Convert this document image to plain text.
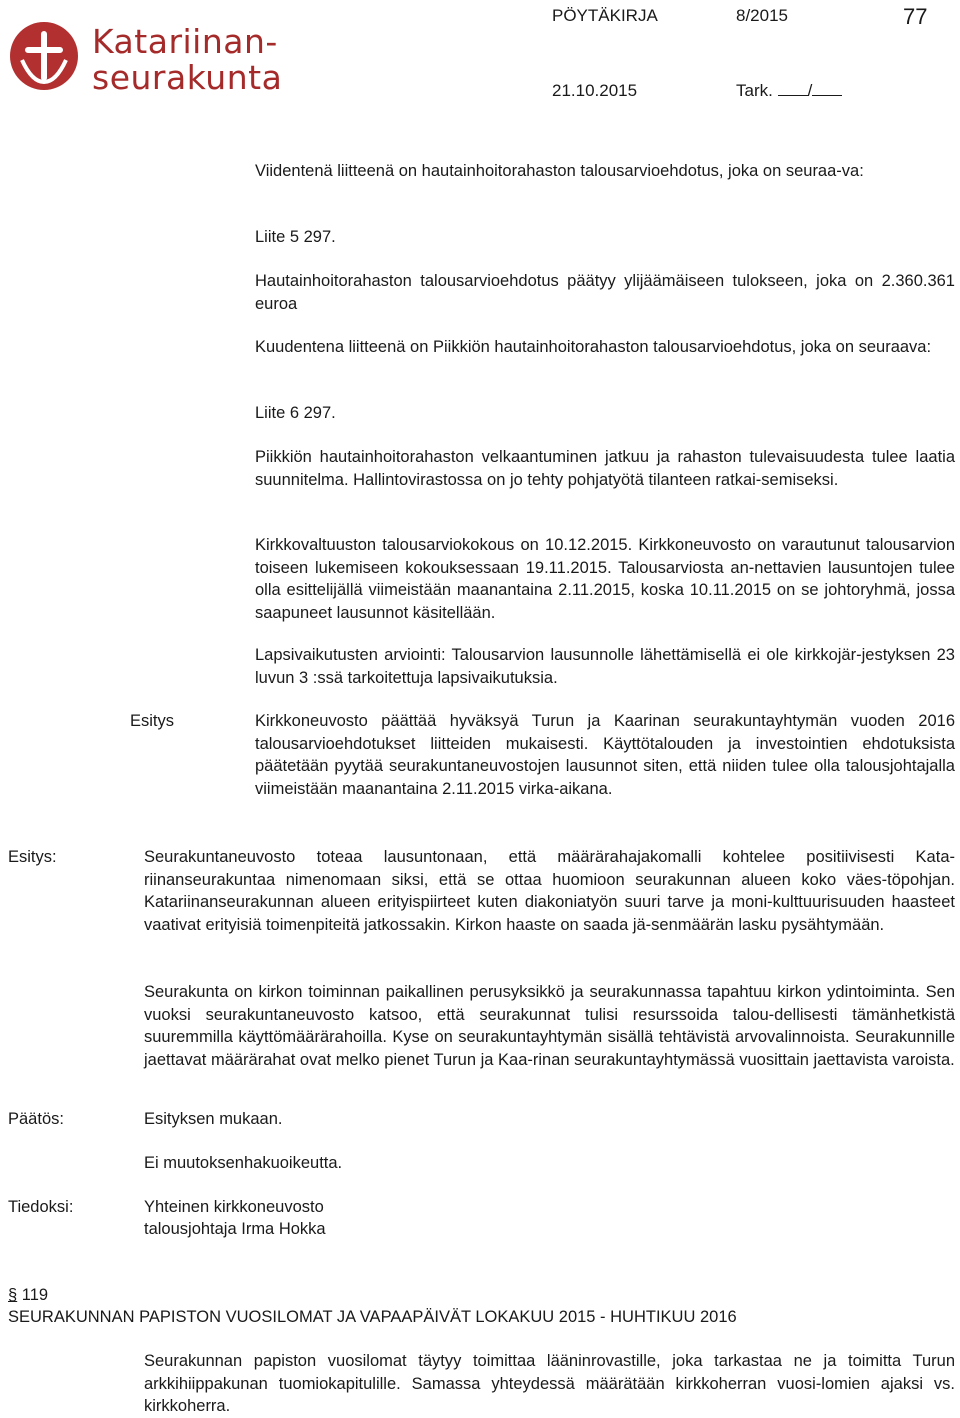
Katariinan-
seurakunta
PÖYTÄKIRJA	8/2015	77
21.10.2015	Tark. /
Viidentenä liitteenä on hautainhoitorahaston talousarvioehdotus, joka on seuraa-va:
Liite 5 297.
Hautainhoitorahaston talousarvioehdotus päätyy ylijäämäiseen tulokseen, joka on 2.360.361 euroa
Kuudentena liitteenä on Piikkiön hautainhoitorahaston talousarvioehdotus, joka on seuraava:
Liite 6 297.
Piikkiön hautainhoitorahaston velkaantuminen jatkuu ja rahaston tulevaisuudesta tulee laatia suunnitelma. Hallintovirastossa on jo tehty pohjatyötä tilanteen ratkai-semiseksi.
Kirkkovaltuuston talousarviokokous on 10.12.2015. Kirkkoneuvosto on varautunut talousarvion toiseen lukemiseen kokouksessaan 19.11.2015. Talousarviosta an-nettavien lausuntojen tulee olla esittelijällä viimeistään maanantaina 2.11.2015, koska 10.11.2015 on se johtoryhmä, jossa saapuneet lausunnot käsitellään.
Lapsivaikutusten arviointi: Talousarvion lausunnolle lähettämisellä ei ole kirkkojär-jestyksen 23 luvun 3 :ssä tarkoitettuja lapsivaikutuksia.
Esitys	Kirkkoneuvosto päättää hyväksyä Turun ja Kaarinan seurakuntayhtymän vuoden 2016 talousarvioehdotukset liitteiden mukaisesti. Käyttötalouden ja investointien ehdotuksista päätetään pyytää seurakuntaneuvostojen lausunnot siten, että niiden tulee olla talousjohtajalla viimeistään maanantaina 2.11.2015 virka-aikana.
Esitys:	Seurakuntaneuvosto toteaa lausuntonaan, että määrärahajakomalli kohtelee positiivisesti Kata-riinanseurakuntaa nimenomaan siksi, että se ottaa huomioon seurakunnan alueen koko väes-töpohjan. Katariinanseurakunnan alueen erityispiirteet kuten diakoniatyön suuri tarve ja moni-kulttuurisuuden haasteet vaativat erityisiä toimenpiteitä jatkossakin. Kirkon haaste on saada jä-senmäärän lasku pysähtymään.
Seurakunta on kirkon toiminnan paikallinen perusyksikkö ja seurakunnassa tapahtuu kirkon ydintoiminta. Sen vuoksi seurakuntaneuvosto katsoo, että seurakunnat tulisi resurssoida talou-dellisesti tämänhetkistä suuremmilla käyttömäärärahoilla. Kyse on seurakuntayhtymän sisällä tehtävistä arvovalinnoista. Seurakunnille jaettavat määrärahat ovat melko pienet Turun ja Kaa-rinan seurakuntayhtymässä vuosittain jaettavista varoista.
Päätös:	Esityksen mukaan.
Ei muutoksenhakuoikeutta.
Tiedoksi:	Yhteinen kirkkoneuvosto
talousjohtaja Irma Hokka
§ 119
SEURAKUNNAN PAPISTON VUOSILOMAT JA VAPAAPÄIVÄT LOKAKUU 2015 - HUHTIKUU 2016
Seurakunnan papiston vuosilomat täytyy toimittaa lääninrovastille, joka tarkastaa ne ja toimitta Turun arkkihiippakunan tuomiokapitulille. Samassa yhteydessä määrätään kirkkoherran vuosi-lomien ajaksi vs. kirkkoherra.
